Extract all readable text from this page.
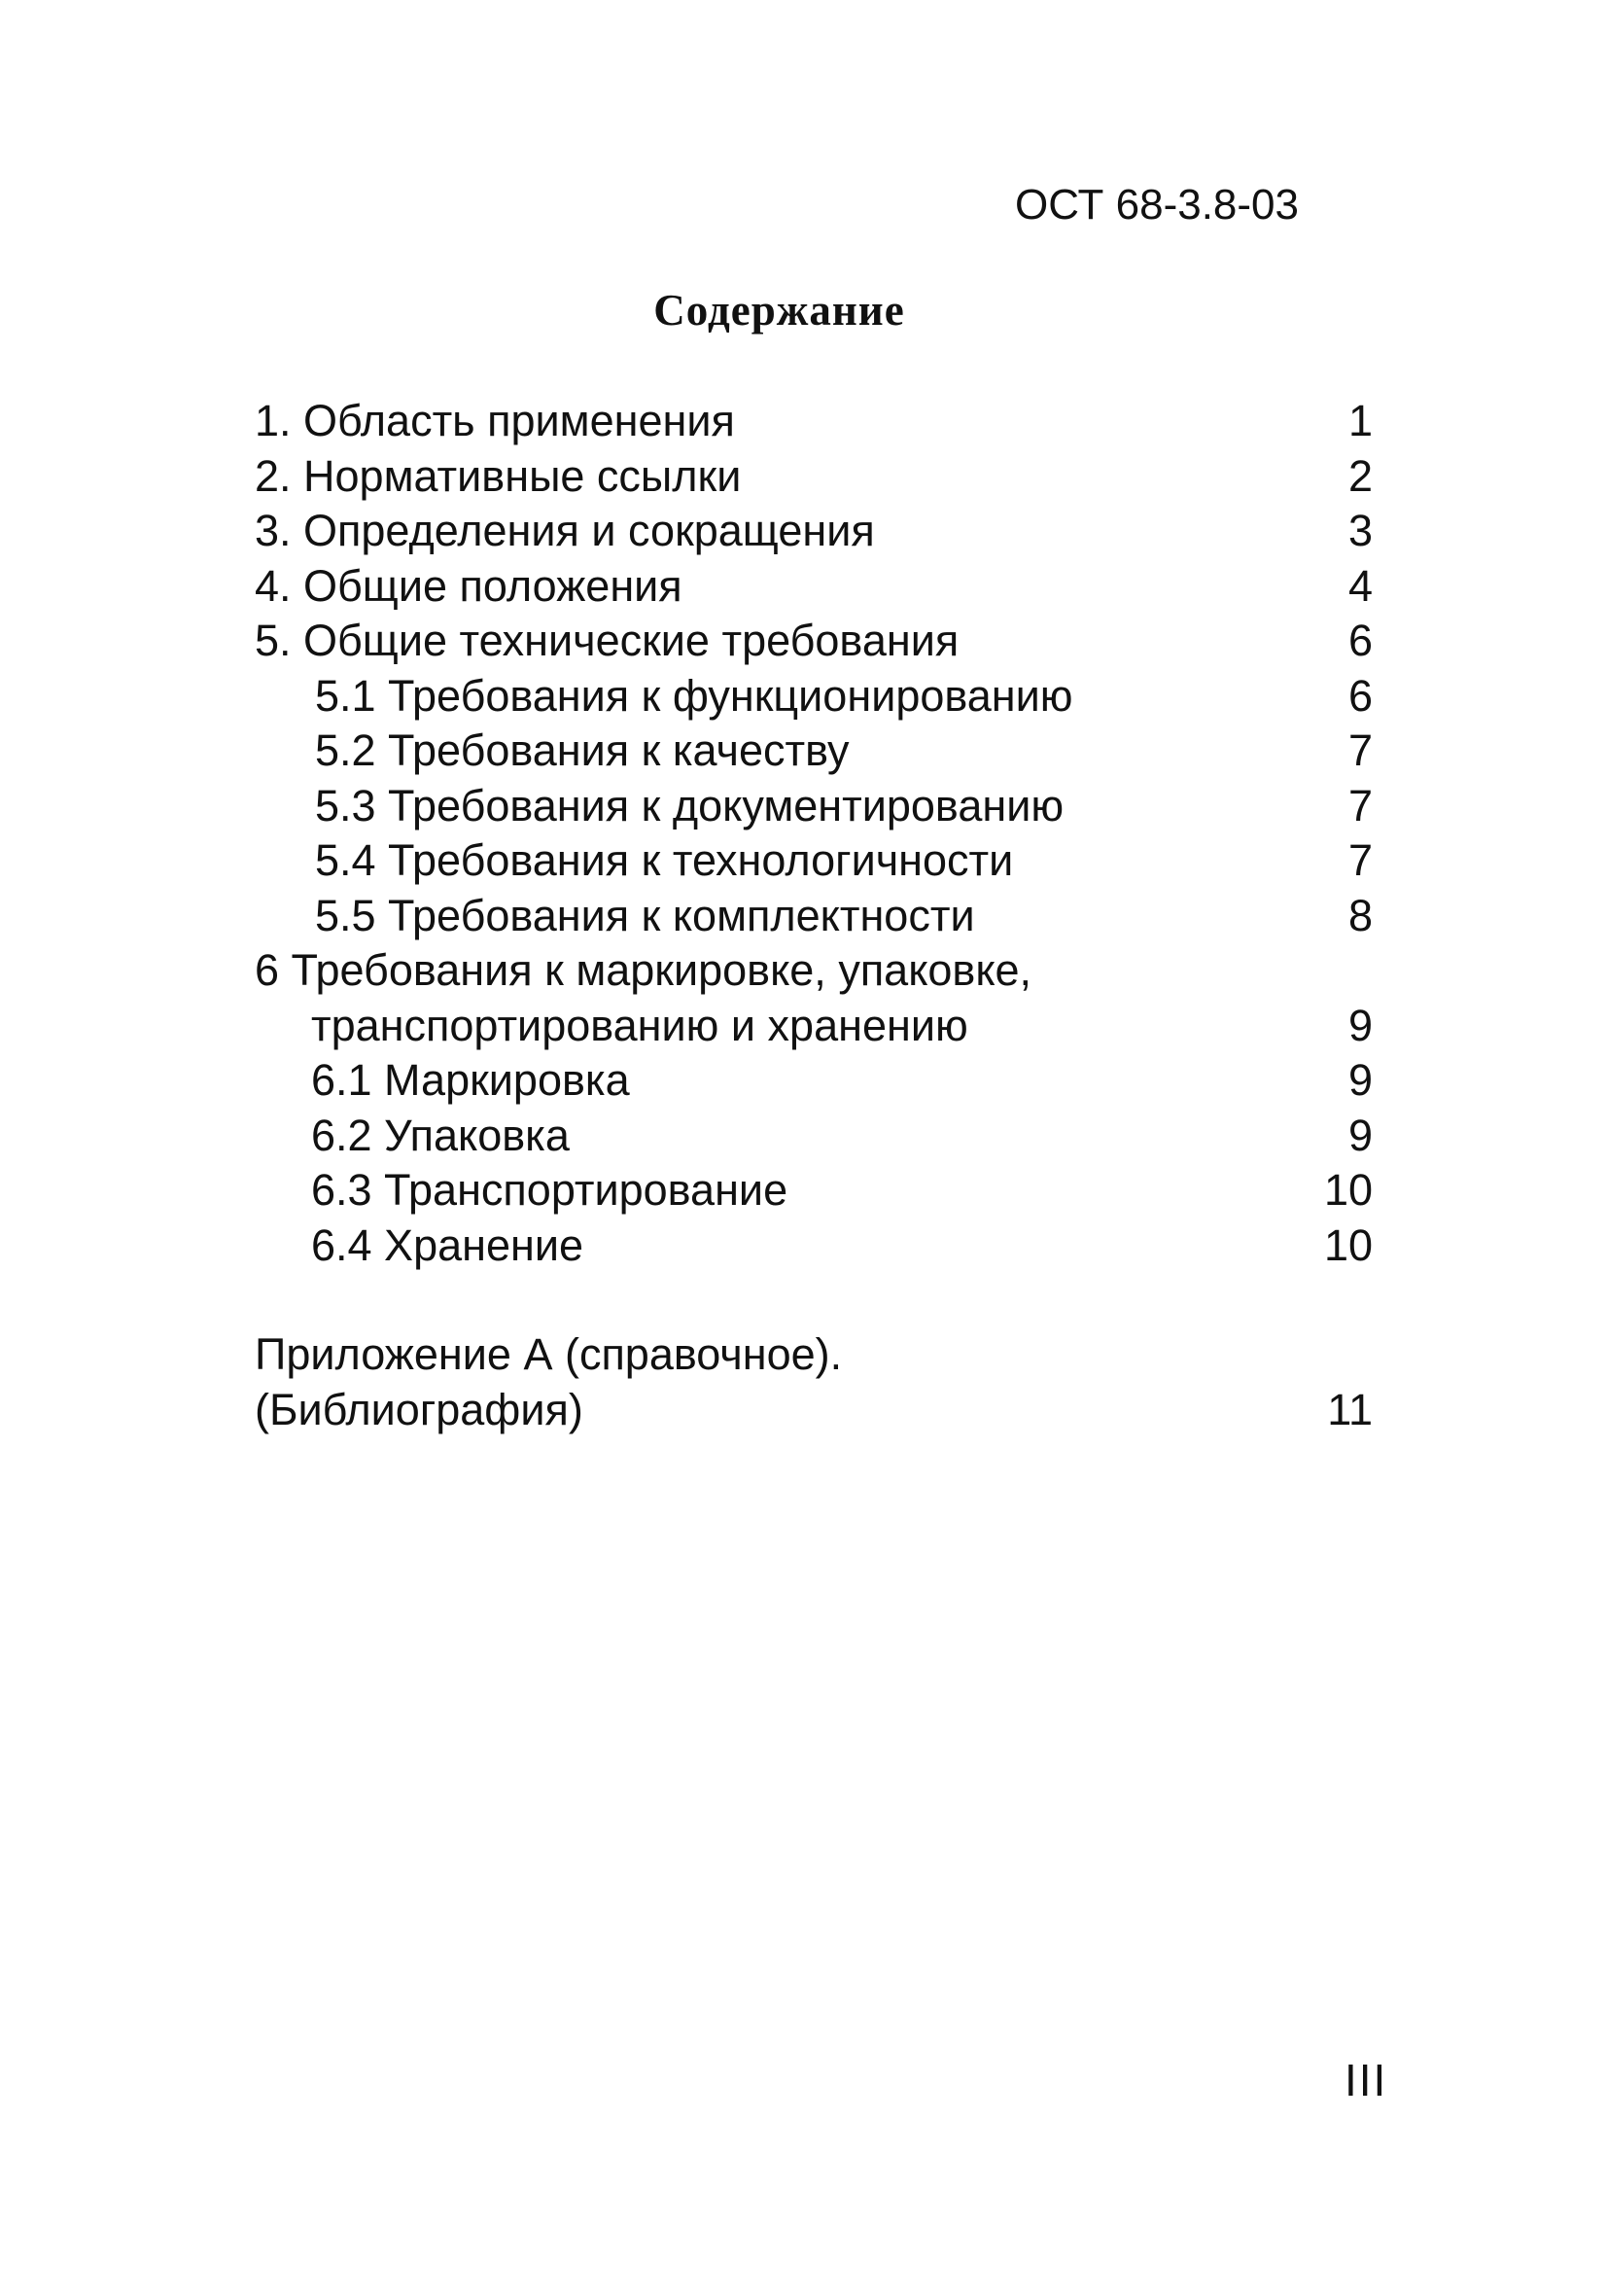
ОСТ 68-3.8-03
Содержание
1. Область применения	1
2. Нормативные ссылки	2
3. Определения и сокращения	3
4. Общие положения	4
5. Общие технические требования	6
5.1 Требования к функционированию	6
5.2 Требования к качеству	7
5.3 Требования к документированию	7
5.4 Требования к технологичности	7
5.5 Требования к комплектности	8
6 Требования к маркировке, упаковке,
транспортированию и хранению	9
6.1 Маркировка	9
6.2 Упаковка	9
6.3 Транспортирование	10
6.4 Хранение	10
Приложение А (справочное).
(Библиография)	11
III
